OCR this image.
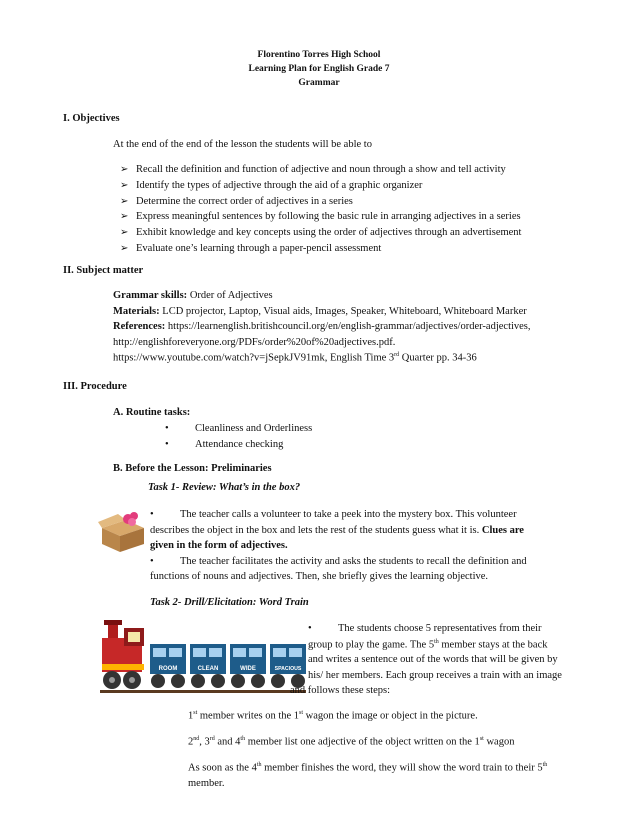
Florentino Torres High School
Learning Plan for English Grade 7
Grammar
I. Objectives
At the end of the end of the lesson the students will be able to
➢ Recall the definition and function of adjective and noun through a show and tell activity
➢ Identify the types of adjective through the aid of a graphic organizer
➢ Determine the correct order of adjectives in a series
➢ Express meaningful sentences by following the basic rule in arranging adjectives in a series
➢ Exhibit knowledge and key concepts using the order of adjectives through an advertisement
➢ Evaluate one’s learning through a paper-pencil assessment
II. Subject matter
Grammar skills: Order of Adjectives
Materials: LCD projector, Laptop, Visual aids, Images, Speaker, Whiteboard, Whiteboard Marker
References: https://learnenglish.britishcouncil.org/en/english-grammar/adjectives/order-adjectives,
http://englishforeveryone.org/PDFs/order%20of%20adjectives.pdf.
https://www.youtube.com/watch?v=jSepkJV91mk, English Time 3rd Quarter pp. 34-36
III. Procedure
A. Routine tasks:
•	Cleanliness and Orderliness
•	Attendance checking
B. Before the Lesson: Preliminaries
Task 1- Review: What’s in the box?
•	The teacher calls a volunteer to take a peek into the mystery box. This volunteer
describes the object in the box and lets the rest of the students guess what it is. Clues are
given in the form of adjectives.
•	The teacher facilitates the activity and asks the students to recall the definition and
functions of nouns and adjectives. Then, she briefly gives the learning objective.
Task 2- Drill/Elicitation: Word Train
ROOM	CLEAN	WIDE	SPACIOUS
•	The students choose 5 representatives from their
group to play the game. The 5th member stays at the back
and writes a sentence out of the words that will be given by
his/ her members. Each group receives a train with an image
and follows these steps:
1st member writes on the 1st wagon the image or object in the picture.
2nd, 3rd and 4th member list one adjective of the object written on the 1st wagon
As soon as the 4th member finishes the word, they will show the word train to their 5th
member.
